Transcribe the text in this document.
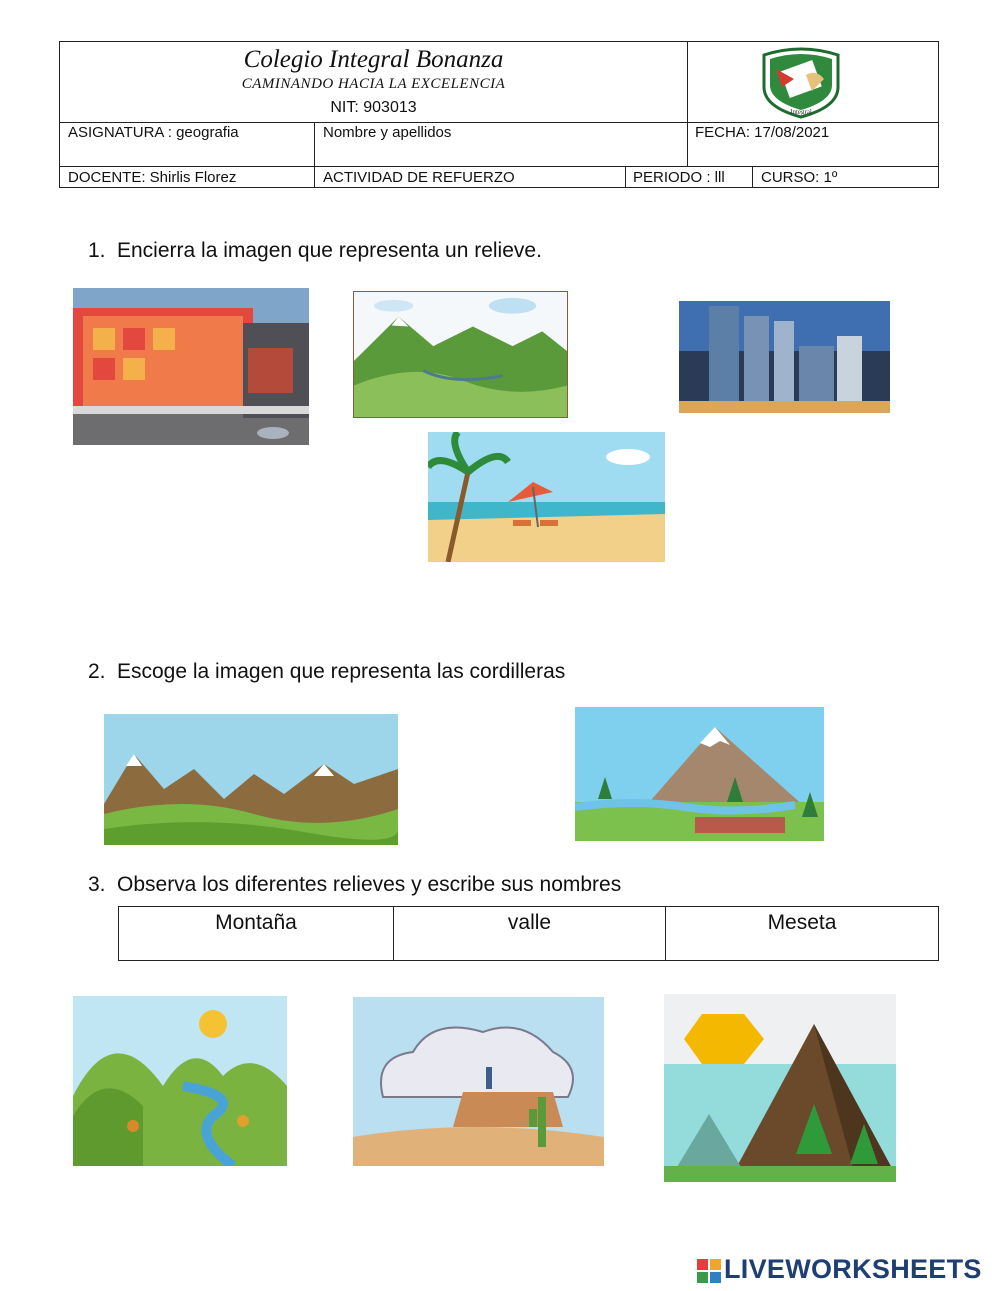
Colegio Integral Bonanza
CAMINANDO HACIA LA EXCELENCIA
NIT: 903013	Integral
ASIGNATURA : geografia	Nombre y apellidos	FECHA: 17/08/2021
DOCENTE: Shirlis Florez	ACTIVIDAD DE REFUERZO	PERIODO : lll CURSO: 1º
1. Encierra la imagen que representa un relieve.
2. Escoge la imagen que representa las cordilleras
3. Observa los diferentes relieves y escribe sus nombres
Montaña	valle	Meseta
LIVEWORKSHEETS
